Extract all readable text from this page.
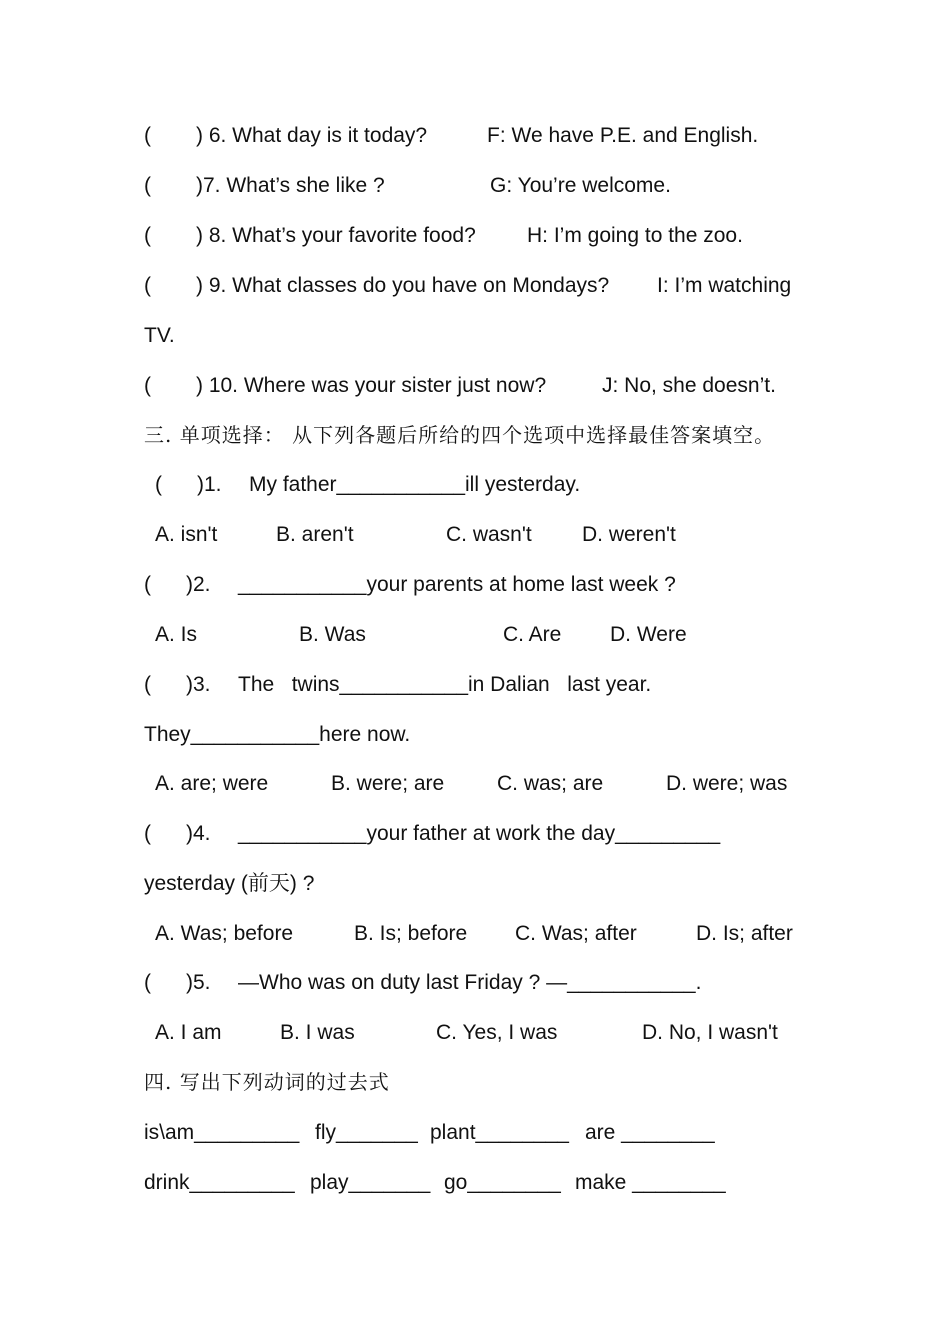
(

) 6. What day is it today?

	F: We have P.E. and English.

(

)7. What’s she like ?

	G: You’re welcome.

(

) 8. What’s your favorite food?

H: I’m going to the zoo.

(

) 9. What classes do you have on Mondays?

I: I’m watching

TV.

(

) 10. Where was your sister just now?

	J: No, she doesn’t.

三. 单项选择： 从下列各题后所给的四个选项中选择最佳答案填空。

(      )1.

My father___________ill yesterday.

A. isn't

	B. aren't

	C. wasn't

D. weren't

(      )2.

___________your parents at home last week ?

A. Is

	B. Was

	C. Are

D. Were

(      )3.

The   twins___________in Dalian   last year.

They___________here now.

A. are; were

	B. were; are

	C. was; are

	D. were; was

(      )4.

___________your father at work the day_________

yesterday (前天) ?

A. Was; before

	B. Is; before

C. Was; after

	D. Is; after

(      )5.

—Who was on duty last Friday ? —___________.

A. I am

	B. I was

	C. Yes, I was

	D. No, I wasn't

四. 写出下列动词的过去式

is\am_________

fly_______

plant________

are ________

drink_________

play_______

go________

make ________
